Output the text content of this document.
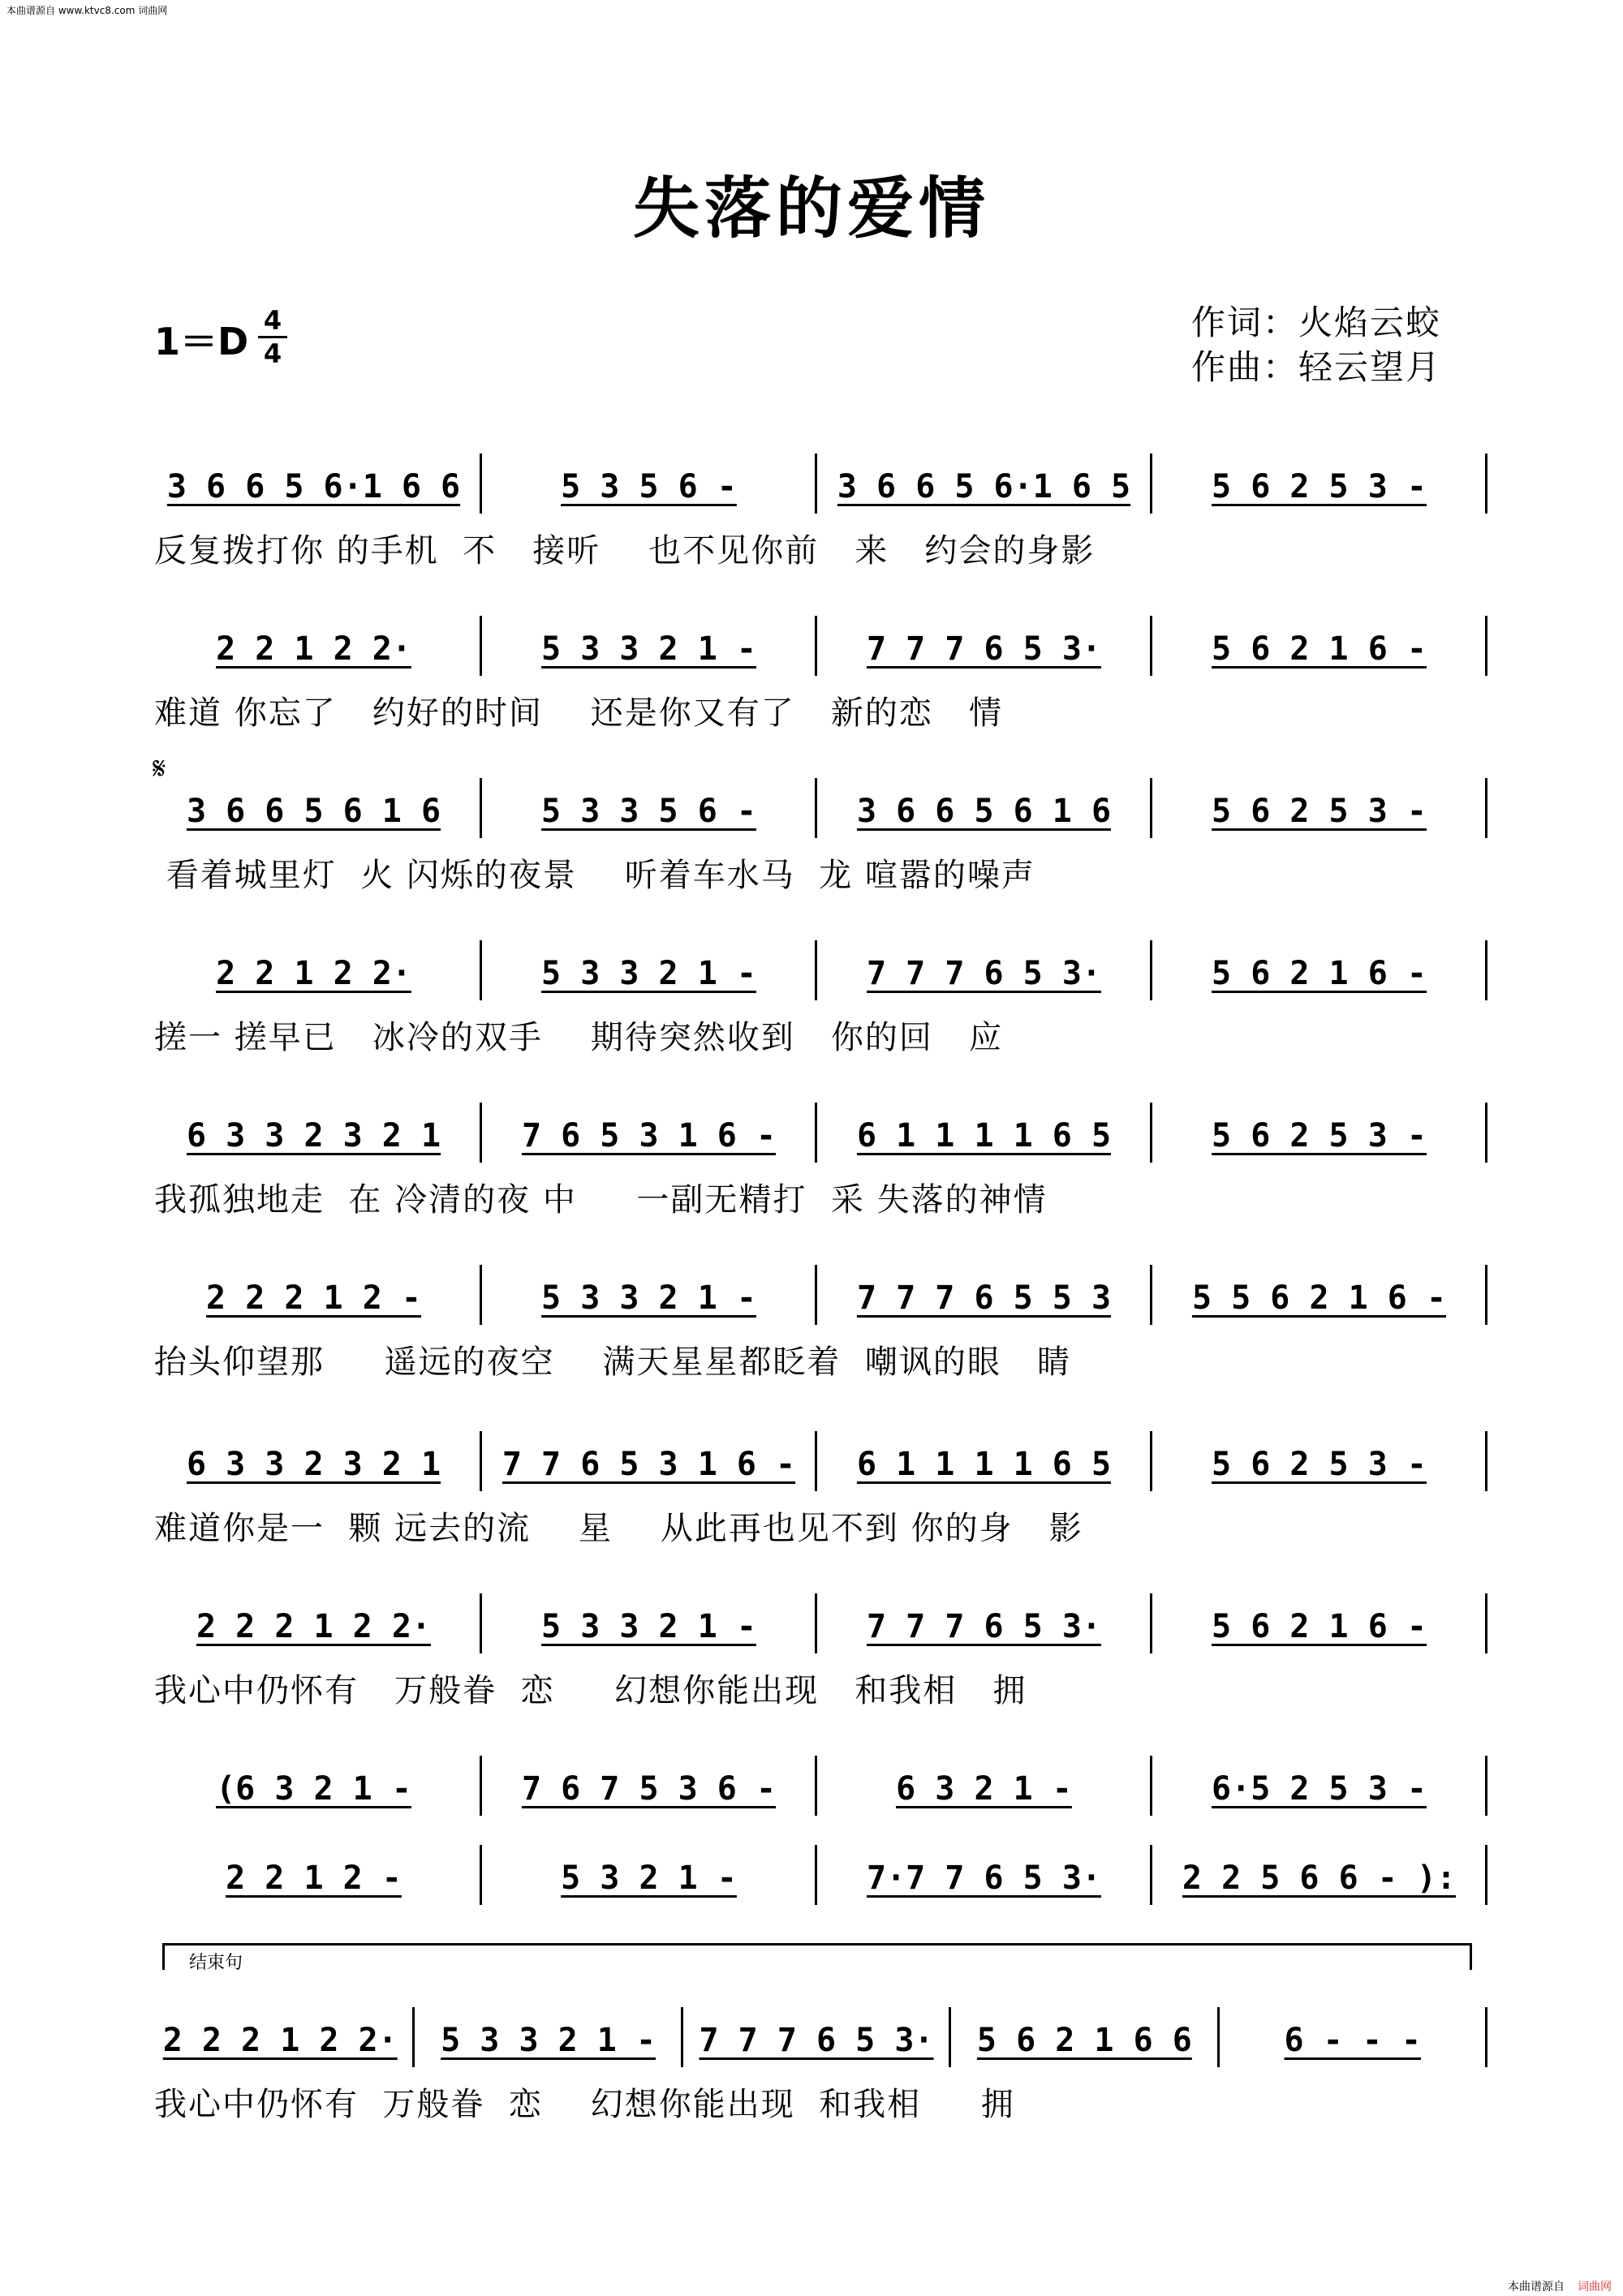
本曲谱源自 www.ktvc8.com 词曲网
失落的爱情
1＝D 4
4
作词：火焰云蛟
作曲：轻云望月
3 6 6 5 6·1 6 6	5 3 5 6 -	3 6 6 5 6·1 6 5 5 6 2 5 3 -
反复拨打你 的手机  不   接听    也不见你前   来   约会的身影
2 2 1 2 2·	5 3 3 2 1 -	7 7 7 6 5 3·	5 6 2 1 6 -
难道 你忘了   约好的时间    还是你又有了   新的恋   情
𝄋
3 6 6 5 6 1 6	5 3 3 5 6 -	3 6 6 5 6 1 6	5 6 2 5 3 -
看着城里灯  火 闪烁的夜景    听着车水马  龙 喧嚣的噪声
2 2 1 2 2·	5 3 3 2 1 -	7 7 7 6 5 3·	5 6 2 1 6 -
搓一 搓早已   冰冷的双手    期待突然收到   你的回   应
6 3 3 2 3 2 1 7 6 5 3 1 6 - 6 1 1 1 1 6 5	5 6 2 5 3 -
我孤独地走  在 冷清的夜 中     一副无精打  采 失落的神情
2 2 2 1 2 -	5 3 3 2 1 -	7 7 7 6 5 5 3 5 5 6 2 1 6 -
抬头仰望那     遥远的夜空    满天星星都眨着  嘲讽的眼   睛
6 3 3 2 3 2 1 7 7 6 5 3 1 6 - 6 1 1 1 1 6 5	5 6 2 5 3 -
难道你是一  颗 远去的流    星    从此再也见不到 你的身   影
2 2 2 1 2 2·	5 3 3 2 1 -	7 7 7 6 5 3·	5 6 2 1 6 -
我心中仍怀有   万般眷  恋     幻想你能出现   和我相   拥
(6 3 2 1 -	7 6 7 5 3 6 -	6 3 2 1 -	6·5 2 5 3 -
2 2 1 2 -	5 3 2 1 -	7·7 7 6 5 3· 2 2 5 6 6 - ):
2 2 2 1 2 2· 5 3 3 2 1 - 7 7 7 6 5 3· 5 6 2 1 6 6	6 - - -
我心中仍怀有  万般眷  恋    幻想你能出现  和我相     拥
结束句
本曲谱源自 词曲网
